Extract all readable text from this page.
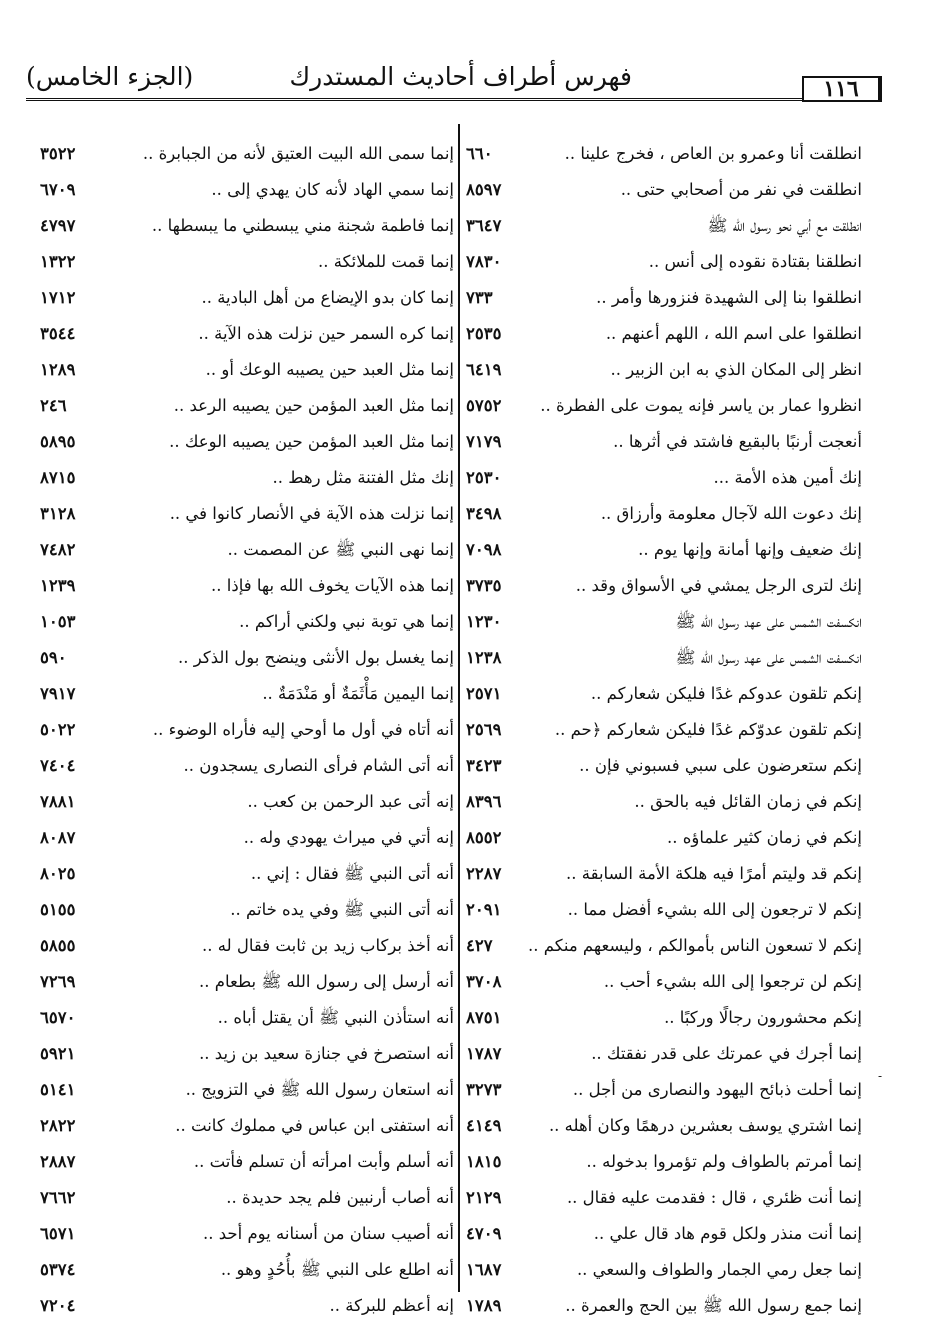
١١٦
فهرس أطراف أحاديث المستدرك
(الجزء الخامس)
-
انطلقت أنا وعمرو بن العاص ، فخرج علينا ..
٦٦٠
انطلقت في نفر من أصحابي حتى ..
٨٥٩٧
انطلقت مع أبي نحو رسول الله ﷺ
٣٦٤٧
انطلقنا بقتادة نقوده إلى أنس ..
٧٨٣٠
انطلقوا بنا إلى الشهيدة فنزورها وأمر ..
٧٣٣
انطلقوا على اسم الله ، اللهم أعنهم ..
٢٥٣٥
انظر إلى المكان الذي به ابن الزبير ..
٦٤١٩
انظروا عمار بن ياسر فإنه يموت على الفطرة ..
٥٧٥٢
أنعجت أرنبًا بالبقيع فاشتد في أثرها ..
٧١٧٩
إنك أمين هذه الأمة ...
٢٥٣٠
إنك دعوت الله لآجال معلومة وأرزاق ..
٣٤٩٨
إنك ضعيف وإنها أمانة وإنها يوم ..
٧٠٩٨
إنك لترى الرجل يمشي في الأسواق وقد ..
٣٧٣٥
انكسفت الشمس على عهد رسول الله ﷺ
١٢٣٠
انكسفت الشمس على عهد رسول الله ﷺ
١٢٣٨
إنكم تلقون عدوكم غدًا فليكن شعاركم ..
٢٥٧١
إنكم تلقون عدوّكم غدًا فليكن شعاركم ﴿حم ..
٢٥٦٩
إنكم ستعرضون على سبي فسبوني فإن ..
٣٤٢٣
إنكم في زمان القائل فيه بالحق ..
٨٣٩٦
إنكم في زمان كثير علماؤه ..
٨٥٥٢
إنكم قد وليتم أمرًا فيه هلكة الأمة السابقة ..
٢٢٨٧
إنكم لا ترجعون إلى الله بشيء أفضل مما ..
٢٠٩١
إنكم لا تسعون الناس بأموالكم ، وليسعهم منكم ..
٤٢٧
إنكم لن ترجعوا إلى الله بشيء أحب ..
٣٧٠٨
إنكم محشورون رجالًا وركبًا ..
٨٧٥١
إنما أجرك في عمرتك على قدر نفقتك ..
١٧٨٧
إنما أحلت ذبائح اليهود والنصارى من أجل ..
٣٢٧٣
إنما اشتري يوسف بعشرين درهمًا وكان أهله ..
٤١٤٩
إنما أمرتم بالطواف ولم تؤمروا بدخوله ..
١٨١٥
إنما أنت ظئري ، قال : فقدمت عليه فقال ..
٢١٢٩
إنما أنت منذر ولكل قوم هاد قال علي ..
٤٧٠٩
إنما جعل رمي الجمار والطواف والسعي ..
١٦٨٧
إنما جمع رسول الله ﷺ بين الحج والعمرة ..
١٧٨٩
إنما سمى الله البيت العتيق لأنه من الجبابرة ..
٣٥٢٢
إنما سمي الهاد لأنه كان يهدي إلى ..
٦٧٠٩
إنما فاطمة شجنة مني يبسطني ما يبسطها ..
٤٧٩٧
إنما قمت للملائكة ..
١٣٢٢
إنما كان بدو الإيضاع من أهل البادية ..
١٧١٢
إنما كره السمر حين نزلت هذه الآية ..
٣٥٤٤
إنما مثل العبد حين يصيبه الوعك أو ..
١٢٨٩
إنما مثل العبد المؤمن حين يصيبه الرعد ..
٢٤٦
إنما مثل العبد المؤمن حين يصيبه الوعك ..
٥٨٩٥
إنك مثل الفتنة مثل رهط ..
٨٧١٥
إنما نزلت هذه الآية في الأنصار كانوا في ..
٣١٢٨
إنما نهى النبي ﷺ عن المصمت ..
٧٤٨٢
إنما هذه الآيات يخوف الله بها فإذا ..
١٢٣٩
إنما هي توبة نبي ولكني أراكم ..
١٠٥٣
إنما يغسل بول الأنثى وينضح بول الذكر ..
٥٩٠
إنما اليمين مَأْثَمَةٌ أو مَنْدَمَةٌ ..
٧٩١٧
أنه أتاه في أول ما أوحي إليه فأراه الوضوء ..
٥٠٢٢
أنه أتى الشام فرأى النصارى يسجدون ..
٧٤٠٤
إنه أتى عبد الرحمن بن كعب ..
٧٨٨١
إنه أتي في ميراث يهودي وله ..
٨٠٨٧
أنه أتى النبي ﷺ فقال : إني ..
٨٠٢٥
أنه أتى النبي ﷺ وفي يده خاتم ..
٥١٥٥
أنه أخذ بركاب زيد بن ثابت فقال له ..
٥٨٥٥
أنه أرسل إلى رسول الله ﷺ بطعام ..
٧٢٦٩
أنه استأذن النبي ﷺ أن يقتل أباه ..
٦٥٧٠
أنه استصرخ في جنازة سعيد بن زيد ..
٥٩٢١
أنه استعان رسول الله ﷺ في التزويج ..
٥١٤١
أنه استفتى ابن عباس في مملوك كانت ..
٢٨٢٢
أنه أسلم وأبت امرأته أن تسلم فأتت ..
٢٨٨٧
أنه أصاب أرنبين فلم يجد حديدة ..
٧٦٦٢
أنه أصيب سنان من أسنانه يوم أحد ..
٦٥٧١
أنه اطلع على النبي ﷺ بأُحُدٍ وهو ..
٥٣٧٤
إنه أعظم للبركة ..
٧٢٠٤
